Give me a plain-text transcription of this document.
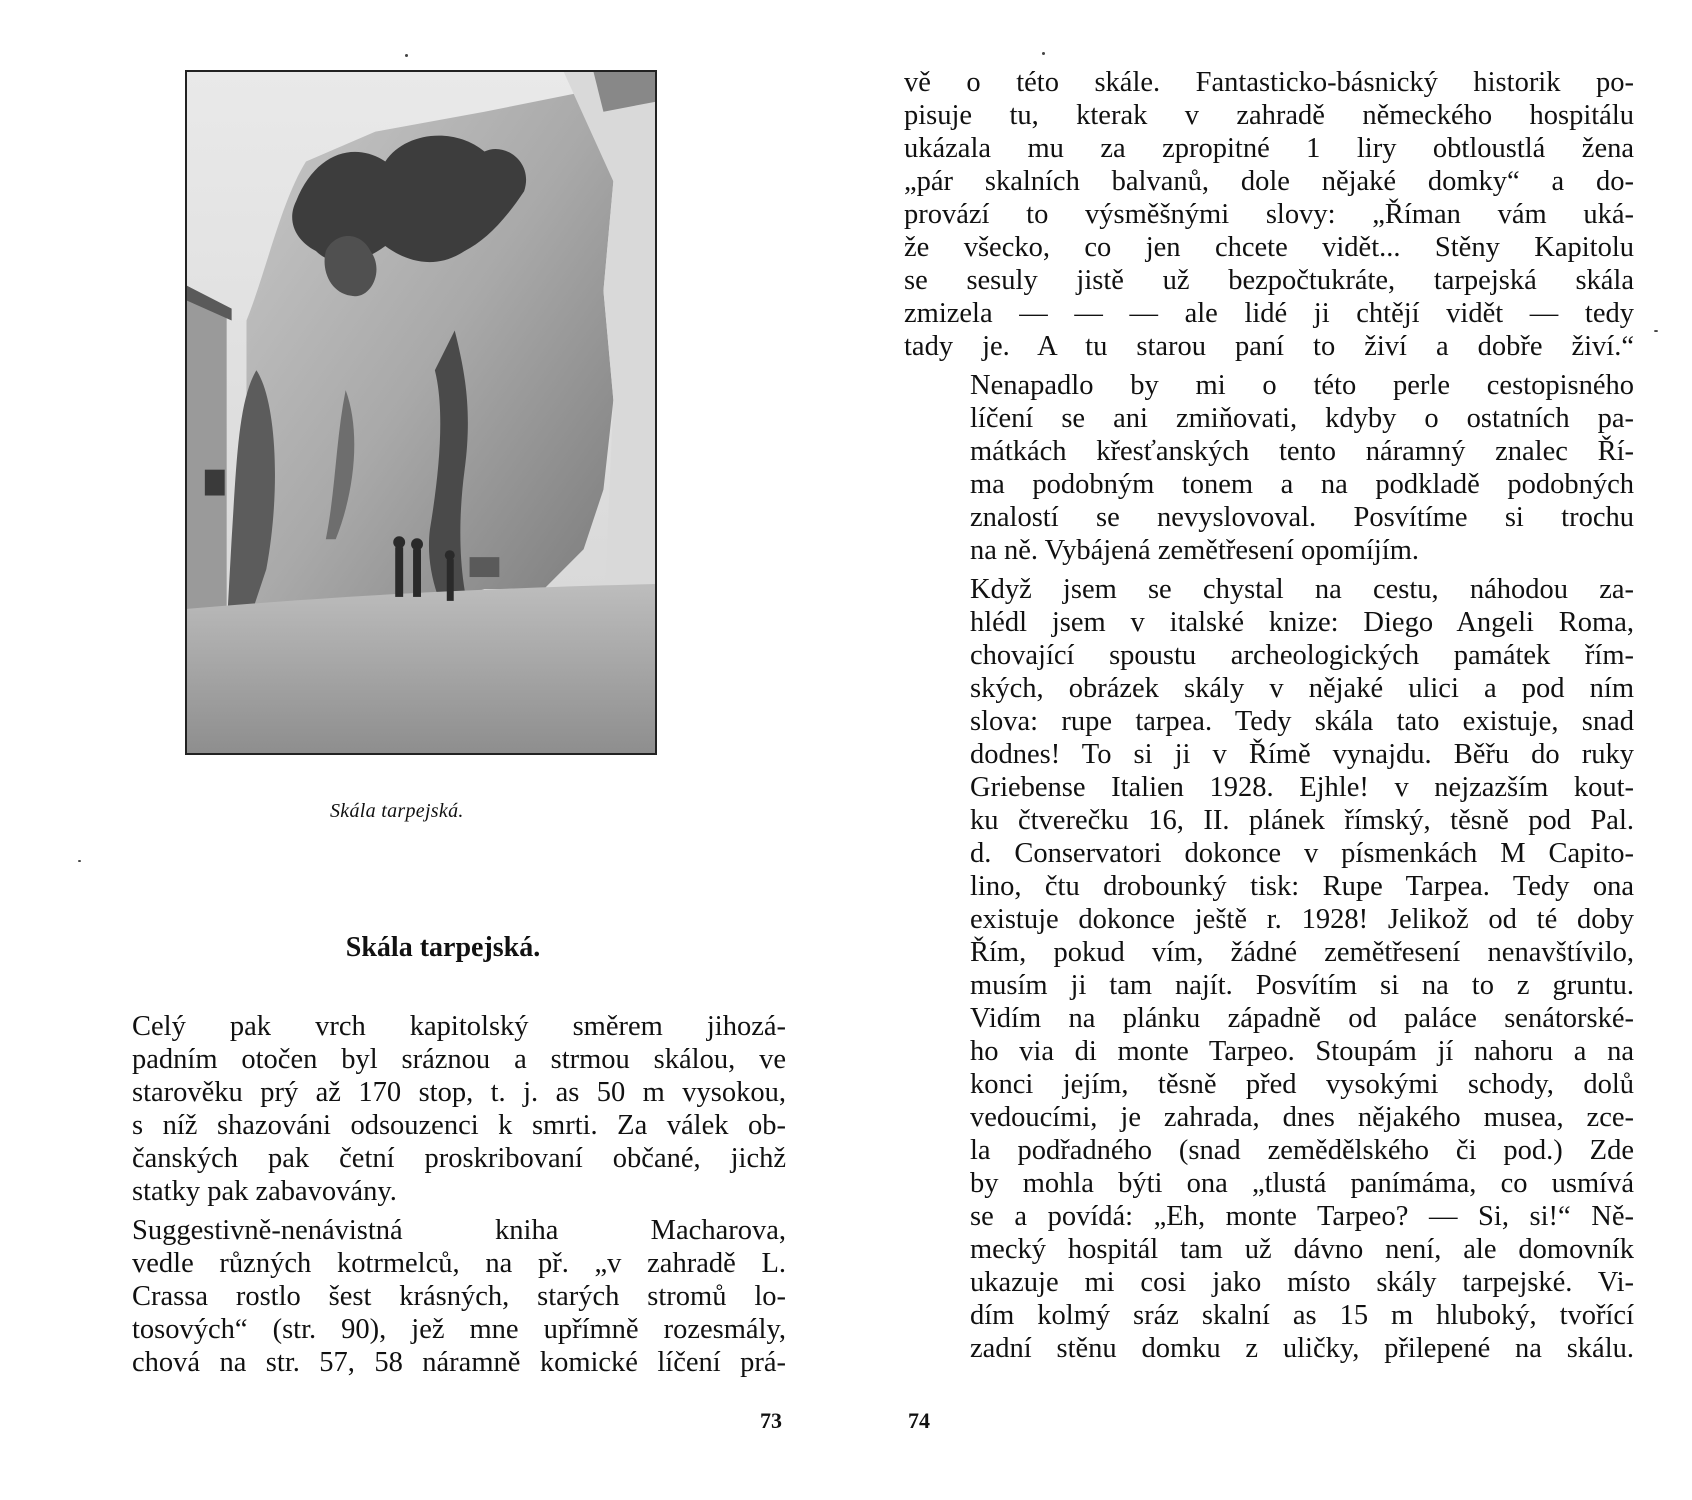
Skála tarpejská.
Skála tarpejská.

Celý pak vrch kapitolský směrem jihozá-
padním otočen byl sráznou a strmou skálou, ve
starověku prý až 170 stop, t. j. as 50 m vysokou,
s níž shazováni odsouzenci k smrti. Za válek ob-
čanských pak četní proskribovaní občané, jichž
statky pak zabavovány.

Suggestivně-nenávistná kniha Macharova,
vedle různých kotrmelců, na př. „v zahradě L.
Crassa rostlo šest krásných, starých stromů lo-
tosových“ (str. 90), jež mne upřímně rozesmály,
chová na str. 57, 58 náramně komické líčení prá-

73

vě o této skále. Fantasticko-básnický historik po-
pisuje tu, kterak v zahradě německého hospitálu
ukázala mu za zpropitné 1 liry obtloustlá žena
„pár skalních balvanů, dole nějaké domky“ a do-
provází to výsměšnými slovy: „Říman vám uká-
že všecko, co jen chcete vidět... Stěny Kapitolu
se sesuly jistě už bezpočtukráte, tarpejská skála
zmizela — — — ale lidé ji chtějí vidět — tedy
tady je. A tu starou paní to živí a dobře živí.“

Nenapadlo by mi o této perle cestopisného
líčení se ani zmiňovati, kdyby o ostatních pa-
mátkách křesťanských tento náramný znalec Ří-
ma podobným tonem a na podkladě podobných
znalostí se nevyslovoval. Posvítíme si trochu
na ně. Vybájená zemětřesení opomíjím.

Když jsem se chystal na cestu, náhodou za-
hlédl jsem v italské knize: Diego Angeli Roma,
chovající spoustu archeologických památek řím-
ských, obrázek skály v nějaké ulici a pod ním
slova: rupe tarpea. Tedy skála tato existuje, snad
dodnes! To si ji v Římě vynajdu. Běřu do ruky
Griebense Italien 1928. Ejhle! v nejzazším kout-
ku čtverečku 16, II. plánek římský, těsně pod Pal.
d. Conservatori dokonce v písmenkách M Capito-
lino, čtu drobounký tisk: Rupe Tarpea. Tedy ona
existuje dokonce ještě r. 1928! Jelikož od té doby
Řím, pokud vím, žádné zemětřesení nenavštívilo,
musím ji tam najít. Posvítím si na to z gruntu.
Vidím na plánku západně od paláce senátorské-
ho via di monte Tarpeo. Stoupám jí nahoru a na
konci jejím, těsně před vysokými schody, dolů
vedoucími, je zahrada, dnes nějakého musea, zce-
la podřadného (snad zemědělského či pod.) Zde
by mohla býti ona „tlustá panímáma, co usmívá
se a povídá: „Eh, monte Tarpeo? — Si, si!“ Ně-
mecký hospitál tam už dávno není, ale domovník
ukazuje mi cosi jako místo skály tarpejské. Vi-
dím kolmý sráz skalní as 15 m hluboký, tvořící
zadní stěnu domku z uličky, přilepené na skálu.

74
